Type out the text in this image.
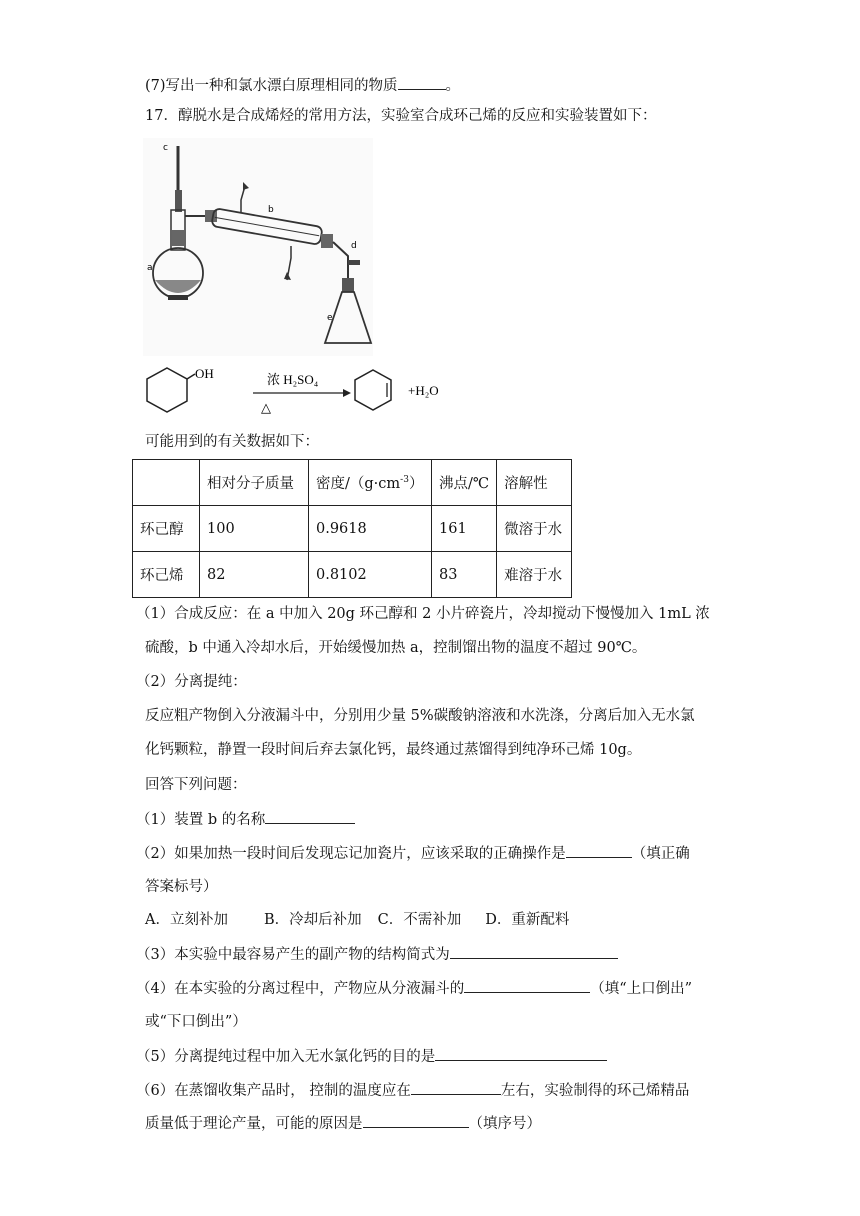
(7)写出一种和氯水漂白原理相同的物质	。
17．醇脱水是合成烯烃的常用方法，实验室合成环己烯的反应和实验装置如下：
c
a
b
d
e
OH	浓 H₂SO₄
△
+H₂O
可能用到的有关数据如下：
	相对分子质量	密度$/(g\cdot cm^{-3})$	沸点/℃	溶解性
环己醇	100	0.9618	161	微溶于水
环己烯	82	0.8102	83	难溶于水
（1）合成反应：在 a 中加入 20g 环己醇和 2 小片碎瓷片，冷却搅动下慢慢加入 1mL 浓
硫酸，b 中通入冷却水后，开始缓慢加热 a，控制馏出物的温度不超过 90℃。
（2）分离提纯：
反应粗产物倒入分液漏斗中，分别用少量 5%碳酸钠溶液和水洗涤，分离后加入无水氯
化钙颗粒，静置一段时间后弃去氯化钙，最终通过蒸馏得到纯净环己烯 10g。
回答下列问题：
（1）装置 b 的名称
（2）如果加热一段时间后发现忘记加瓷片，应该采取的正确操作是	（填正确
答案标号）
A．立刻补加 B．冷却后补加 C．不需补加 D．重新配料
（3）本实验中最容易产生的副产物的结构简式为
（4）在本实验的分离过程中，产物应从分液漏斗的	（填“上口倒出”
或“下口倒出”）
（5）分离提纯过程中加入无水氯化钙的目的是
（6）在蒸馏收集产品时， 控制的温度应在	左右，实验制得的环己烯精品
质量低于理论产量，可能的原因是	（填序号）
